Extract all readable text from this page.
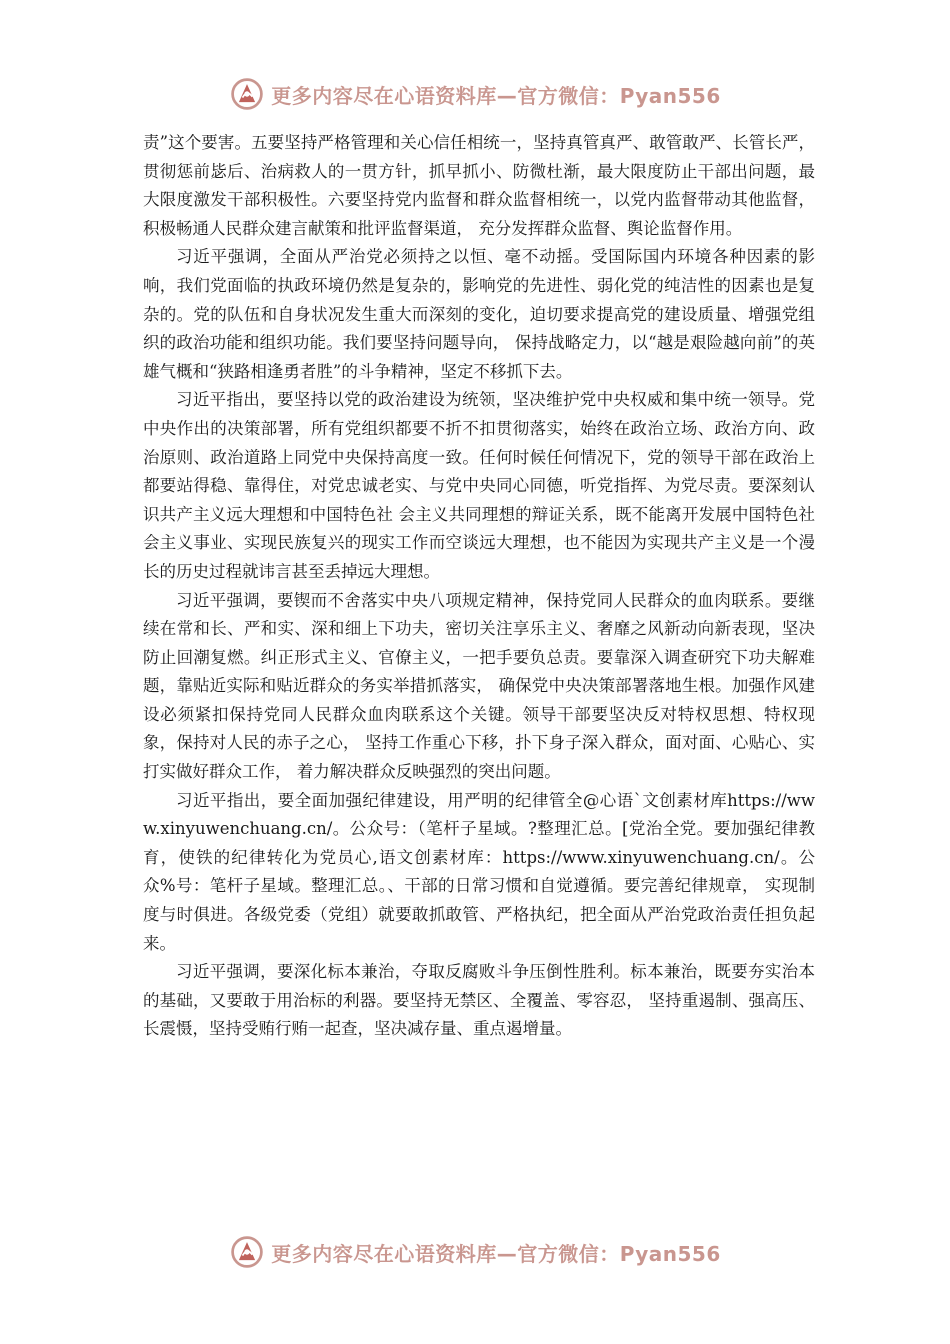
更多内容尽在心语资料库—官方微信：Pyan556

责”这个要害。五要坚持严格管理和关心信任相统一，坚持真管真严、敢管敢严、长管长严，贯彻惩前毖后、治病救人的一贯方针，抓早抓小、防微杜渐，最大限度防止干部出问题，最大限度激发干部积极性。六要坚持党内监督和群众监督相统一，以党内监督带动其他监督，积极畅通人民群众建言献策和批评监督渠道， 充分发挥群众监督、舆论监督作用。

习近平强调，全面从严治党必须持之以恒、毫不动摇。受国际国内环境各种因素的影响，我们党面临的执政环境仍然是复杂的，影响党的先进性、弱化党的纯洁性的因素也是复杂的。党的队伍和自身状况发生重大而深刻的变化，迫切要求提高党的建设质量、增强党组织的政治功能和组织功能。我们要坚持问题导向， 保持战略定力，以“越是艰险越向前”的英雄气概和“狭路相逢勇者胜”的斗争精神，坚定不移抓下去。

习近平指出，要坚持以党的政治建设为统领，坚决维护党中央权威和集中统一领导。党中央作出的决策部署，所有党组织都要不折不扣贯彻落实，始终在政治立场、政治方向、政治原则、政治道路上同党中央保持高度一致。任何时候任何情况下，党的领导干部在政治上都要站得稳、靠得住，对党忠诚老实、与党中央同心同德，听党指挥、为党尽责。要深刻认识共产主义远大理想和中国特色社 会主义共同理想的辩证关系，既不能离开发展中国特色社会主义事业、实现民族复兴的现实工作而空谈远大理想，也不能因为实现共产主义是一个漫长的历史过程就讳言甚至丢掉远大理想。

习近平强调，要锲而不舍落实中央八项规定精神，保持党同人民群众的血肉联系。要继续在常和长、严和实、深和细上下功夫，密切关注享乐主义、奢靡之风新动向新表现，坚决防止回潮复燃。纠正形式主义、官僚主义，一把手要负总责。要靠深入调查研究下功夫解难题，靠贴近实际和贴近群众的务实举措抓落实， 确保党中央决策部署落地生根。加强作风建设必须紧扣保持党同人民群众血肉联系这个关键。领导干部要坚决反对特权思想、特权现象，保持对人民的赤子之心， 坚持工作重心下移，扑下身子深入群众，面对面、心贴心、实打实做好群众工作， 着力解决群众反映强烈的突出问题。

习近平指出，要全面加强纪律建设，用严明的纪律管全@心语`文创素材库https://www.xinyuwenchuang.cn/。公众号：（笔杆子星域。?整理汇总。[党治全党。要加强纪律教育，使铁的纪律转化为党员心,语文创素材库：https://www.xinyuwenchuang.cn/。公众%号：笔杆子星域。整理汇总。、干部的日常习惯和自觉遵循。要完善纪律规章， 实现制度与时俱进。各级党委（党组）就要敢抓敢管、严格执纪，把全面从严治党政治责任担负起来。

习近平强调，要深化标本兼治，夺取反腐败斗争压倒性胜利。标本兼治，既要夯实治本的基础，又要敢于用治标的利器。要坚持无禁区、全覆盖、零容忍， 坚持重遏制、强高压、长震慑，坚持受贿行贿一起查，坚决减存量、重点遏增量。

更多内容尽在心语资料库—官方微信：Pyan556
